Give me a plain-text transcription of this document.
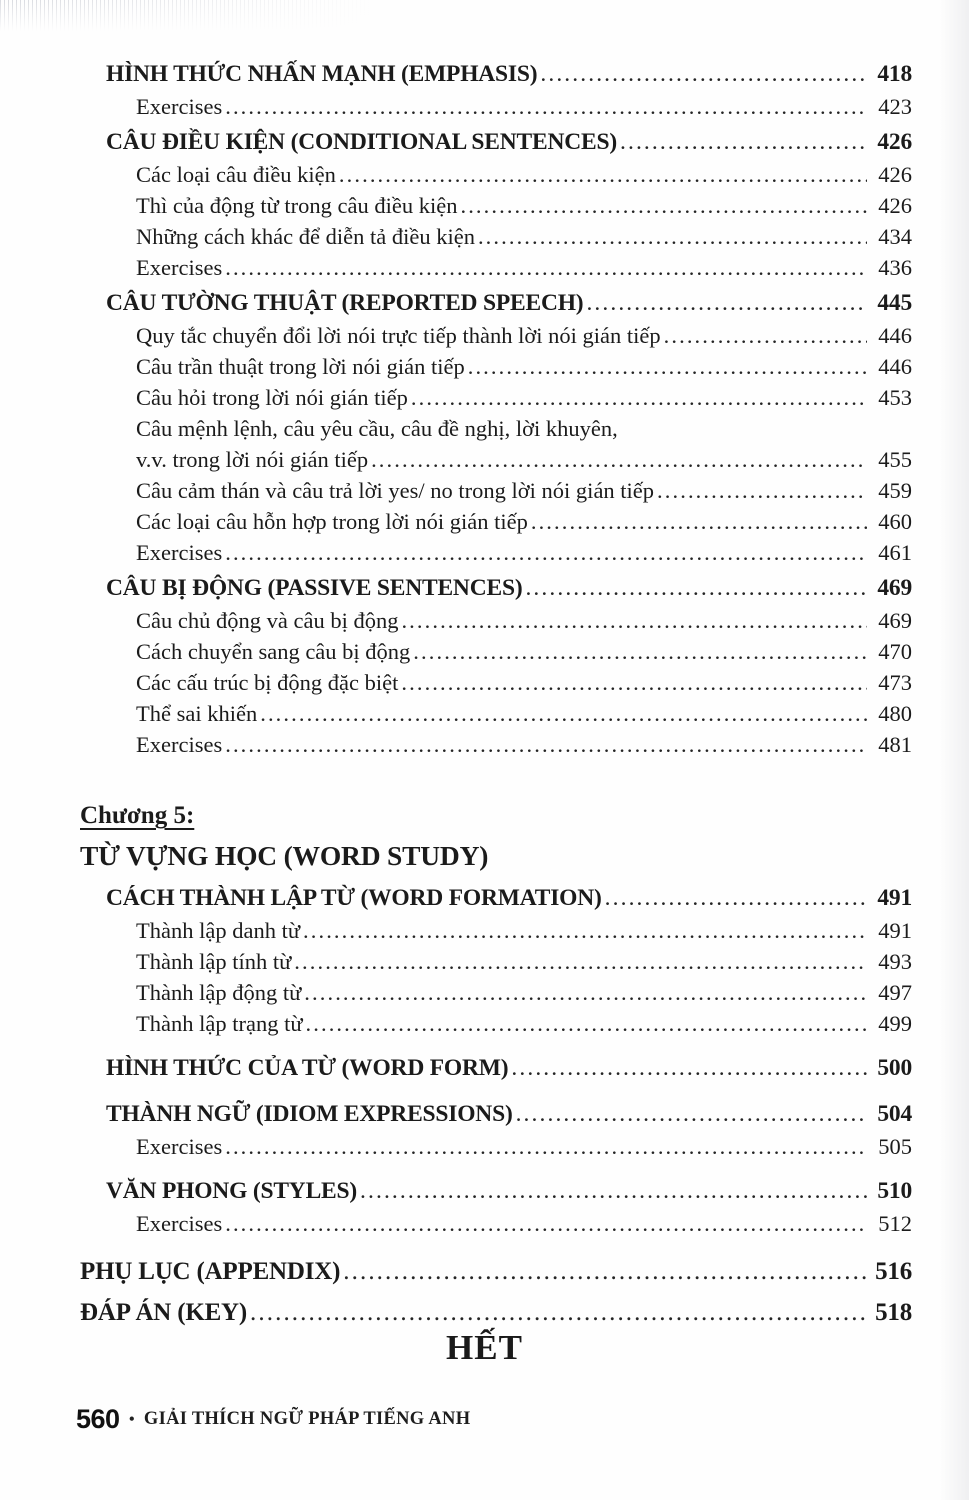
HÌNH THỨC NHẤN MẠNH (EMPHASIS) .....	418
Exercises .....	423
CÂU ĐIỀU KIỆN (CONDITIONAL SENTENCES) .....	426
Các loại câu điều kiện .....	426
Thì của động từ trong câu điều kiện .....	426
Những cách khác để diễn tả điều kiện .....	434
Exercises .....	436
CÂU TƯỜNG THUẬT (REPORTED SPEECH) .....	445
Quy tắc chuyển đổi lời nói trực tiếp thành lời nói gián tiếp .....	446
Câu trần thuật trong lời nói gián tiếp .....	446
Câu hỏi trong lời nói gián tiếp .....	453
Câu mệnh lệnh, câu yêu cầu, câu đề nghị, lời khuyên,
v.v. trong lời nói gián tiếp .....	455
Câu cảm thán và câu trả lời yes/ no trong lời nói gián tiếp .....	459
Các loại câu hỗn hợp trong lời nói gián tiếp .....	460
Exercises .....	461
CÂU BỊ ĐỘNG (PASSIVE SENTENCES) .....	469
Câu chủ động và câu bị động .....	469
Cách chuyển sang câu bị động .....	470
Các cấu trúc bị động đặc biệt .....	473
Thể sai khiến .....	480
Exercises .....	481
Chương 5:
TỪ VỰNG HỌC (WORD STUDY)
CÁCH THÀNH LẬP TỪ (WORD FORMATION) .....	491
Thành lập danh từ .....	491
Thành lập tính từ .....	493
Thành lập động từ .....	497
Thành lập trạng từ .....	499
HÌNH THỨC CỦA TỪ (WORD FORM) .....	500
THÀNH NGỮ (IDIOM EXPRESSIONS) .....	504
Exercises .....	505
VĂN PHONG (STYLES) .....	510
Exercises .....	512
PHỤ LỤC (APPENDIX) .....	516
ĐÁP ÁN (KEY) .....	518
HẾT
560 • GIẢI THÍCH NGỮ PHÁP TIẾNG ANH
